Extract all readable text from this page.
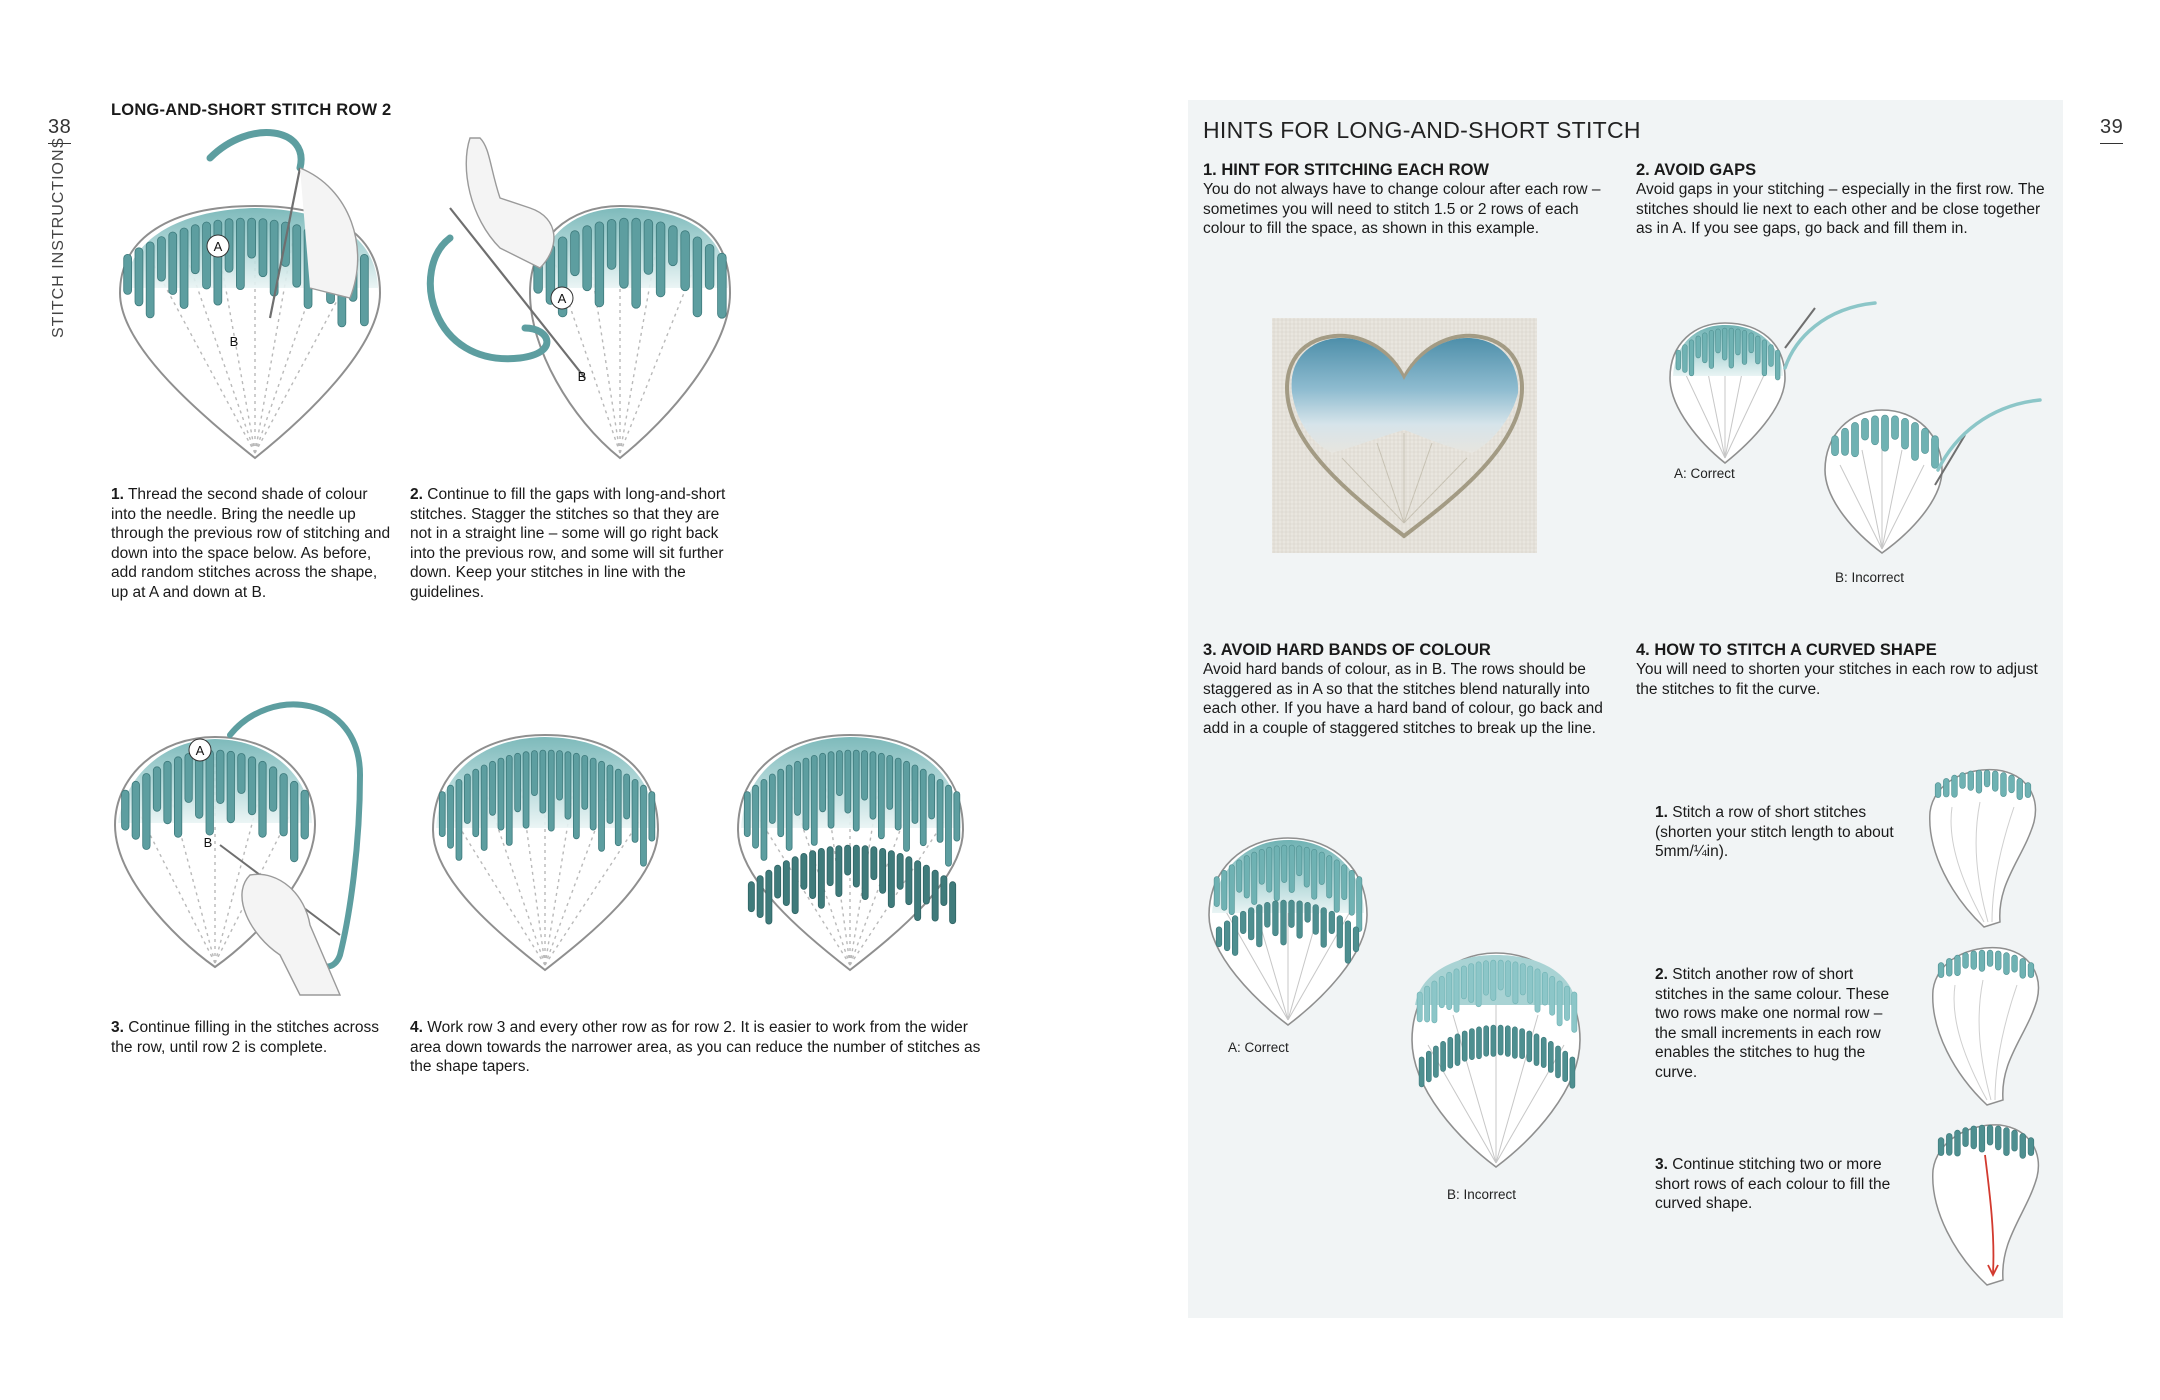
38
STITCH INSTRUCTIONS
LONG-AND-SHORT STITCH ROW 2
A
B
A
B
1. Thread the second shade of colour into the needle. Bring the needle up through the previous row of stitching and down into the space below. As before, add random stitches across the shape, up at A and down at B.
2. Continue to fill the gaps with long-and-short stitches. Stagger the stitches so that they are not in a straight line – some will go right back into the previous row, and some will sit further down. Keep your stitches in line with the guidelines.
A
B
3. Continue filling in the stitches across the row, until row 2 is complete.
4. Work row 3 and every other row as for row 2. It is easier to work from the wider area down towards the narrower area, as you can reduce the number of stitches as the shape tapers.
39
HINTS FOR LONG-AND-SHORT STITCH
1. HINT FOR STITCHING EACH ROW
You do not always have to change colour after each row – sometimes you will need to stitch 1.5 or 2 rows of each colour to fill the space, as shown in this example.
2. AVOID GAPS
Avoid gaps in your stitching – especially in the first row. The stitches should lie next to each other and be close together as in A. If you see gaps, go back and fill them in.
A: Correct
B: Incorrect
3. AVOID HARD BANDS OF COLOUR
Avoid hard bands of colour, as in B. The rows should be staggered as in A so that the stitches blend naturally into each other. If you have a hard band of colour, go back and add in a couple of staggered stitches to break up the line.
4. HOW TO STITCH A CURVED SHAPE
You will need to shorten your stitches in each row to adjust the stitches to fit the curve.
A: Correct
B: Incorrect
1. Stitch a row of short stitches (shorten your stitch length to about 5mm/¼in).
2. Stitch another row of short stitches in the same colour. These two rows make one normal row – the small increments in each row enables the stitches to hug the curve.
3. Continue stitching two or more short rows of each colour to fill the curved shape.
